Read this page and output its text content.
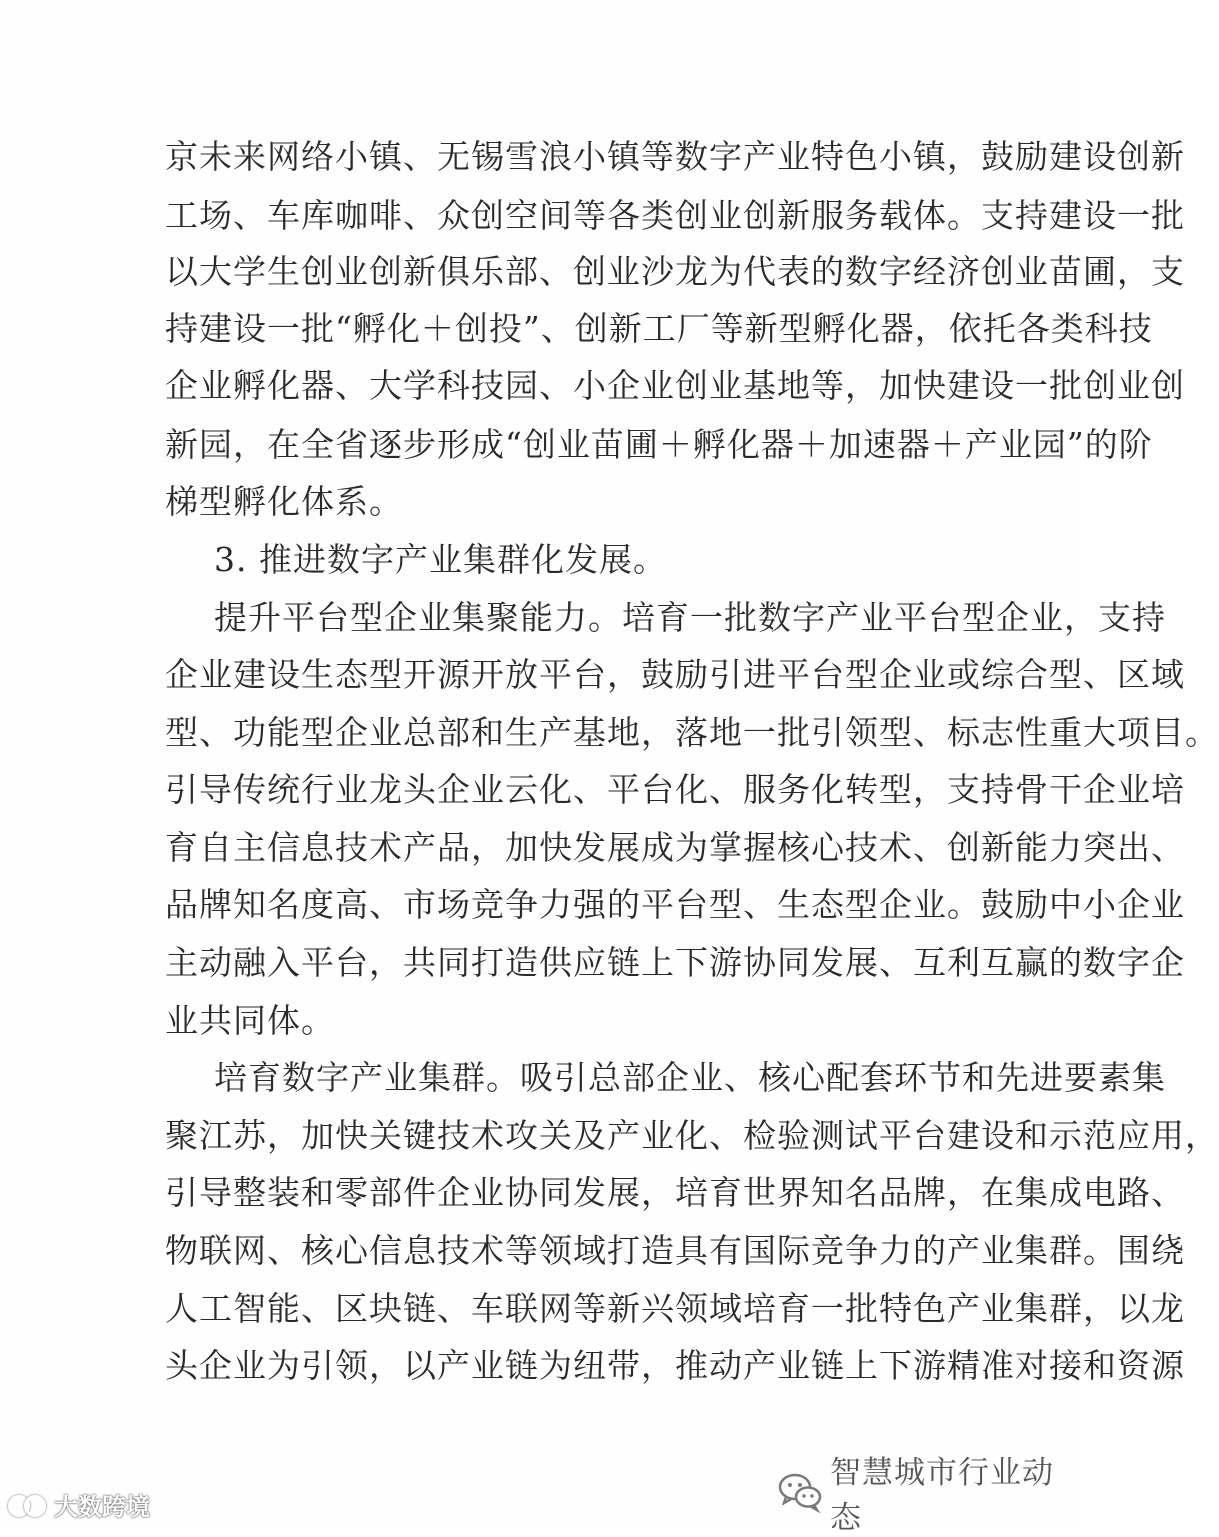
京未来网络小镇、无锡雪浪小镇等数字产业特色小镇，鼓励建设创新
工场、车库咖啡、众创空间等各类创业创新服务载体。支持建设一批
以大学生创业创新俱乐部、创业沙龙为代表的数字经济创业苗圃，支
持建设一批“孵化＋创投”、创新工厂等新型孵化器，依托各类科技
企业孵化器、大学科技园、小企业创业基地等，加快建设一批创业创
新园，在全省逐步形成“创业苗圃＋孵化器＋加速器＋产业园”的阶
梯型孵化体系。
3. 推进数字产业集群化发展。
提升平台型企业集聚能力。培育一批数字产业平台型企业，支持
企业建设生态型开源开放平台，鼓励引进平台型企业或综合型、区域
型、功能型企业总部和生产基地，落地一批引领型、标志性重大项目。
引导传统行业龙头企业云化、平台化、服务化转型，支持骨干企业培
育自主信息技术产品，加快发展成为掌握核心技术、创新能力突出、
品牌知名度高、市场竞争力强的平台型、生态型企业。鼓励中小企业
主动融入平台，共同打造供应链上下游协同发展、互利互赢的数字企
业共同体。
培育数字产业集群。吸引总部企业、核心配套环节和先进要素集
聚江苏，加快关键技术攻关及产业化、检验测试平台建设和示范应用，
引导整装和零部件企业协同发展，培育世界知名品牌，在集成电路、
物联网、核心信息技术等领域打造具有国际竞争力的产业集群。围绕
人工智能、区块链、车联网等新兴领域培育一批特色产业集群，以龙
头企业为引领，以产业链为纽带，推动产业链上下游精准对接和资源
大数跨境
智慧城市行业动态
